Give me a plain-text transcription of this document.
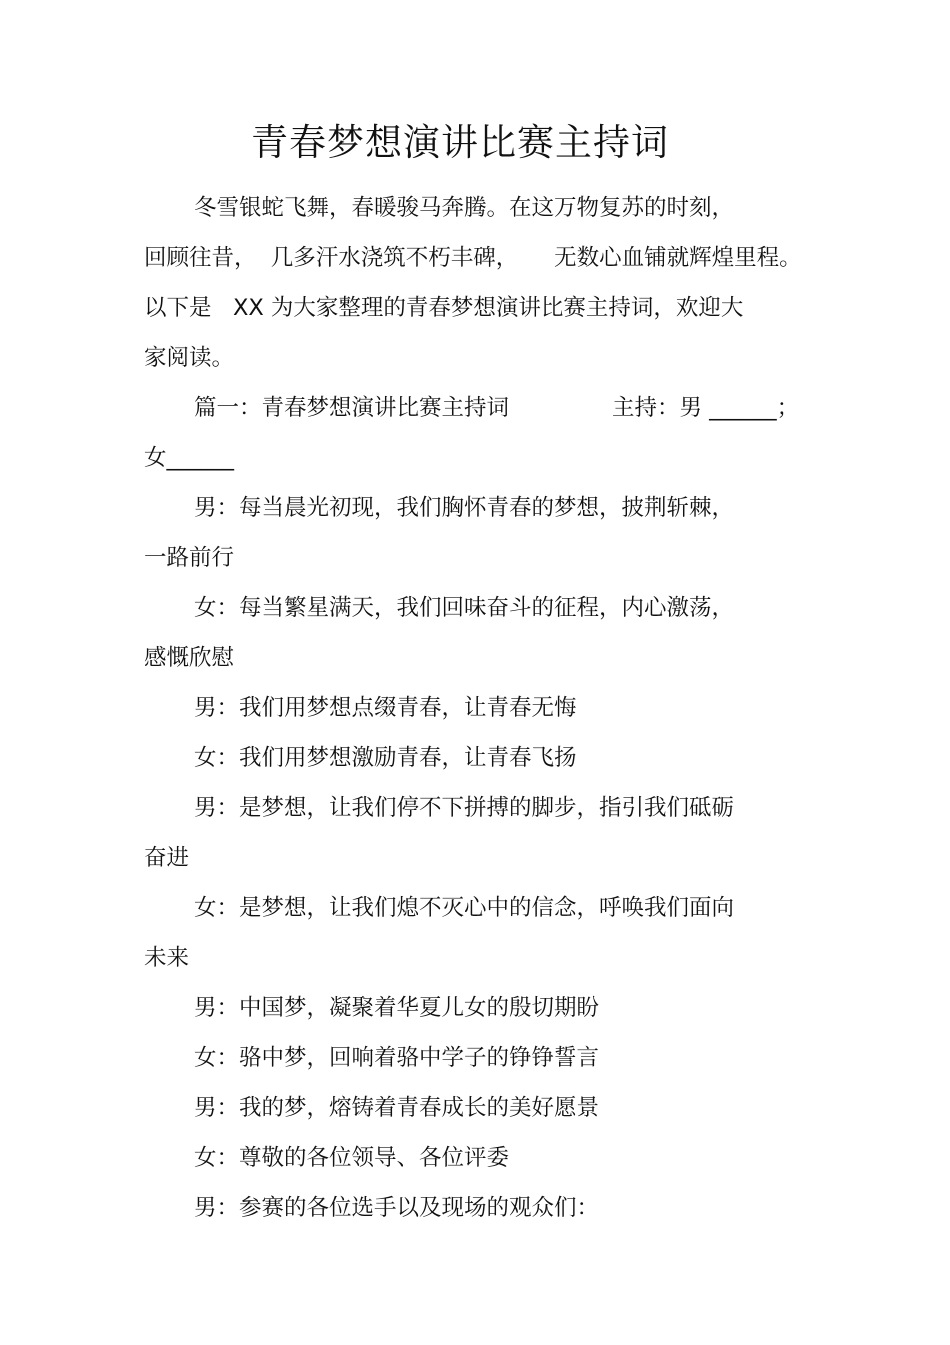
青春梦想演讲比赛主持词
冬雪银蛇飞舞，春暖骏马奔腾。在这万物复苏的时刻，
回顾往昔，  几多汗水浇筑不朽丰碑，     无数心血铺就辉煌里程。
以下是   XX 为大家整理的青春梦想演讲比赛主持词，欢迎大
家阅读。
篇一：青春梦想演讲比赛主持词	主持：男 ______；
女______
男：每当晨光初现，我们胸怀青春的梦想，披荆斩棘，
一路前行
女：每当繁星满天，我们回味奋斗的征程，内心激荡，
感慨欣慰
男：我们用梦想点缀青春，让青春无悔
女：我们用梦想激励青春，让青春飞扬
男：是梦想，让我们停不下拼搏的脚步，指引我们砥砺
奋进
女：是梦想，让我们熄不灭心中的信念，呼唤我们面向
未来
男：中国梦，凝聚着华夏儿女的殷切期盼
女：骆中梦，回响着骆中学子的铮铮誓言
男：我的梦，熔铸着青春成长的美好愿景
女：尊敬的各位领导、各位评委
男：参赛的各位选手以及现场的观众们：
